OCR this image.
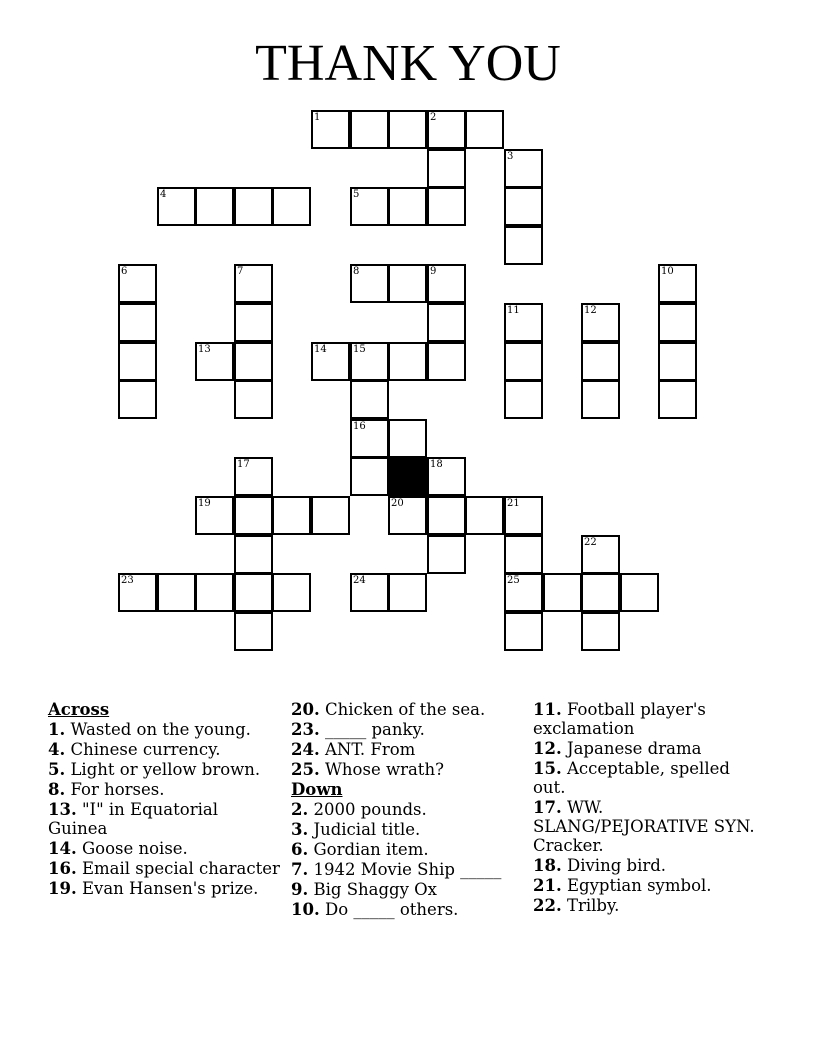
THANK YOU
1	2
3
4	5
6	7	8	9	10
11	12
13	14	15
16
17	18
19	20	21
22
23	24	25
Across
1. Wasted on the young.
4. Chinese currency.
5. Light or yellow brown.
8. For horses.
13. "I" in Equatorial Guinea
14. Goose noise.
16. Email special character
19. Evan Hansen's prize.
20. Chicken of the sea.
23. _____ panky.
24. ANT. From
25. Whose wrath?
Down
2. 2000 pounds.
3. Judicial title.
6. Gordian item.
7. 1942 Movie Ship _____
9. Big Shaggy Ox
10. Do _____ others.
11. Football player's exclamation
12. Japanese drama
15. Acceptable, spelled out.
17. WW. SLANG/PEJORATIVE SYN. Cracker.
18. Diving bird.
21. Egyptian symbol.
22. Trilby.
